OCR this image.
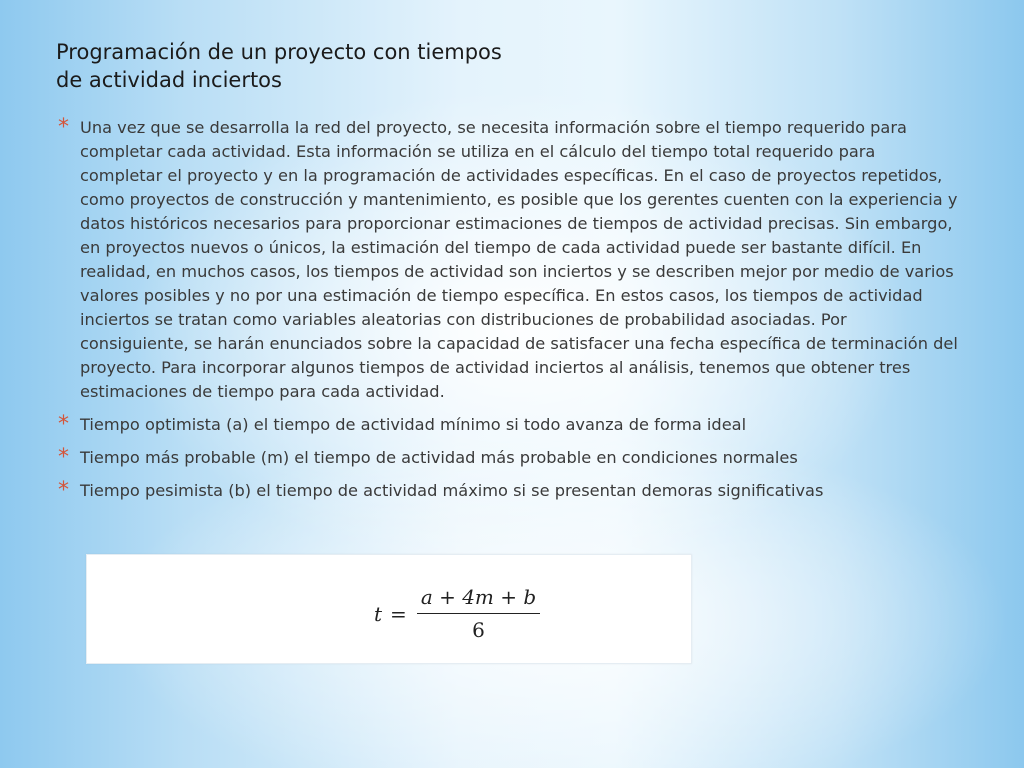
Programación de un proyecto con tiempos
de actividad inciertos
* Una vez que se desarrolla la red del proyecto, se necesita información sobre el tiempo requerido para completar cada actividad. Esta información se utiliza en el cálculo del tiempo total requerido para completar el proyecto y en la programación de actividades específicas. En el caso de proyectos repetidos, como proyectos de construcción y mantenimiento, es posible que los gerentes cuenten con la experiencia y datos históricos necesarios para proporcionar estimaciones de tiempos de actividad precisas. Sin embargo, en proyectos nuevos o únicos, la estimación del tiempo de cada actividad puede ser bastante difícil. En realidad, en muchos casos, los tiempos de actividad son inciertos y se describen mejor por medio de varios valores posibles y no por una estimación de tiempo específica. En estos casos, los tiempos de actividad inciertos se tratan como variables aleatorias con distribuciones de probabilidad asociadas. Por consiguiente, se harán enunciados sobre la capacidad de satisfacer una fecha específica de terminación del proyecto. Para incorporar algunos tiempos de actividad inciertos al análisis, tenemos que obtener tres estimaciones de tiempo para cada actividad.
* Tiempo optimista (a) el tiempo de actividad mínimo si todo avanza de forma ideal
* Tiempo más probable (m) el tiempo de actividad más probable en condiciones normales
* Tiempo pesimista (b) el tiempo de actividad máximo si se presentan demoras significativas
$t = \frac{a + 4m + b}{6}$
